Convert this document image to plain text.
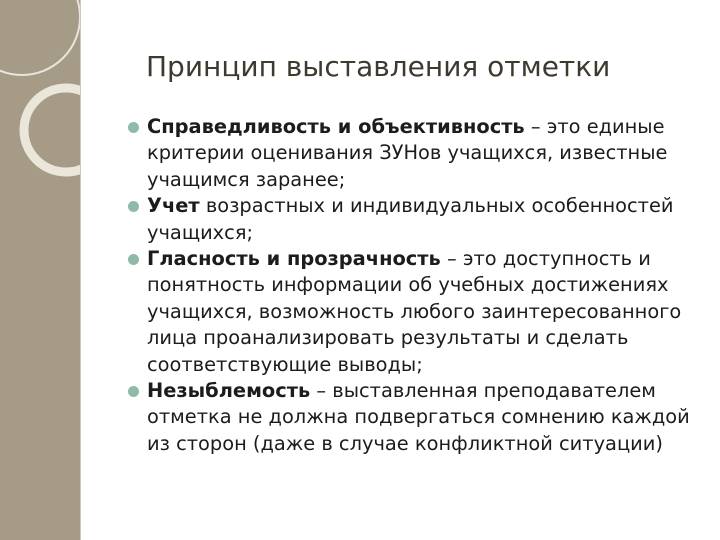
Принцип выставления отметки
Справедливость и объективность – это единые критерии оценивания ЗУНов учащихся, известные учащимся заранее;
Учет возрастных и индивидуальных особенностей учащихся;
Гласность и прозрачность – это доступность и понятность информации об учебных достижениях учащихся, возможность любого заинтересованного лица проанализировать результаты и сделать соответствующие выводы;
Незыблемость – выставленная преподавателем отметка не должна подвергаться сомнению каждой из сторон (даже в случае конфликтной ситуации)
